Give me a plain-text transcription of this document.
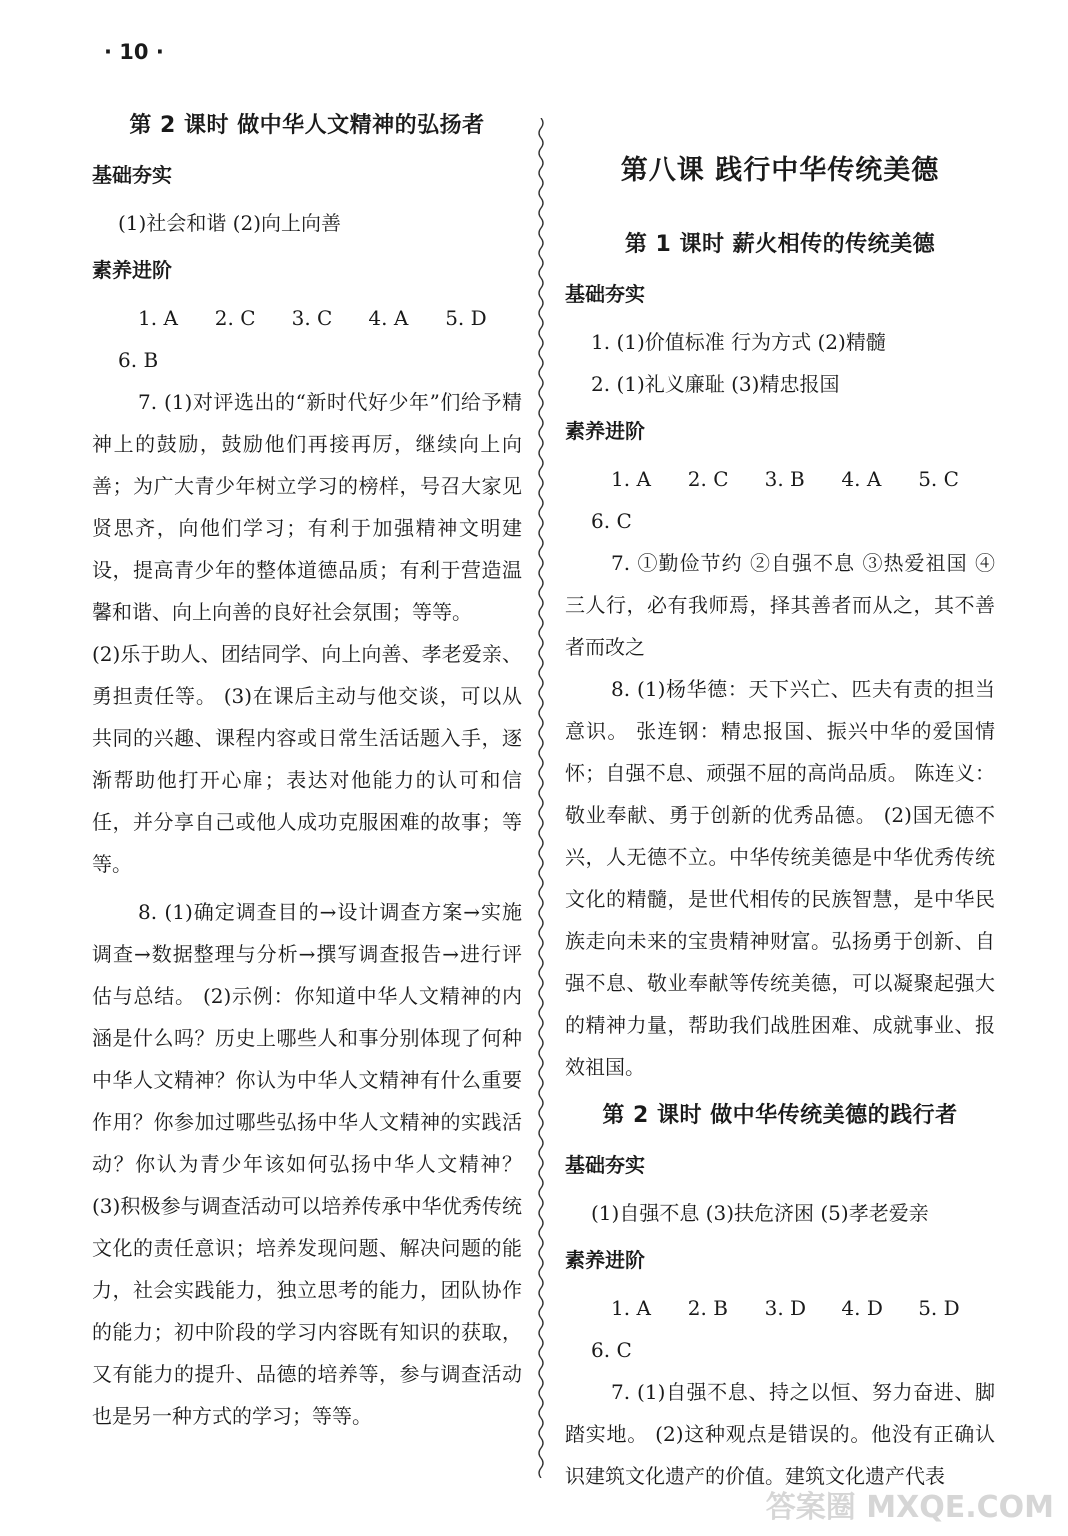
· 10 ·
第 2 课时 做中华人文精神的弘扬者
基础夯实

(1)社会和谐 (2)向上向善

素养进阶
1. A	2. C	3. C	4. A	5. D

6. B

7. (1)对评选出的“新时代好少年”们给予精神上的鼓励，鼓励他们再接再厉，继续向上向善；为广大青少年树立学习的榜样，号召大家见贤思齐，向他们学习；有利于加强精神文明建设，提高青少年的整体道德品质；有利于营造温馨和谐、向上向善的良好社会氛围；等等。

(2)乐于助人、团结同学、向上向善、孝老爱亲、勇担责任等。 (3)在课后主动与他交谈，可以从共同的兴趣、课程内容或日常生活话题入手，逐渐帮助他打开心扉；表达对他能力的认可和信任，并分享自己或他人成功克服困难的故事；等等。

8. (1)确定调查目的→设计调查方案→实施调查→数据整理与分析→撰写调查报告→进行评估与总结。 (2)示例：你知道中华人文精神的内涵是什么吗？历史上哪些人和事分别体现了何种中华人文精神？你认为中华人文精神有什么重要作用？你参加过哪些弘扬中华人文精神的实践活动？你认为青少年该如何弘扬中华人文精神？ (3)积极参与调查活动可以培养传承中华优秀传统文化的责任意识；培养发现问题、解决问题的能力，社会实践能力，独立思考的能力，团队协作的能力；初中阶段的学习内容既有知识的获取，又有能力的提升、品德的培养等，参与调查活动也是另一种方式的学习；等等。

第八课 践行中华传统美德
第 1 课时 薪火相传的传统美德
基础夯实

1. (1)价值标准 行为方式 (2)精髓

2. (1)礼义廉耻 (3)精忠报国

素养进阶
1. A	2. C	3. B	4. A	5. C

6. C

7. ①勤俭节约 ②自强不息 ③热爱祖国 ④三人行，必有我师焉，择其善者而从之，其不善者而改之

8. (1)杨华德：天下兴亡、匹夫有责的担当意识。 张连钢：精忠报国、振兴中华的爱国情怀；自强不息、顽强不屈的高尚品质。 陈连义：敬业奉献、勇于创新的优秀品德。 (2)国无德不兴，人无德不立。中华传统美德是中华优秀传统文化的精髓，是世代相传的民族智慧，是中华民族走向未来的宝贵精神财富。弘扬勇于创新、自强不息、敬业奉献等传统美德，可以凝聚起强大的精神力量，帮助我们战胜困难、成就事业、报效祖国。

第 2 课时 做中华传统美德的践行者
基础夯实

(1)自强不息 (3)扶危济困 (5)孝老爱亲

素养进阶
1. A	2. B	3. D	4. D	5. D

6. C

7. (1)自强不息、持之以恒、努力奋进、脚踏实地。 (2)这种观点是错误的。他没有正确认识建筑文化遗产的价值。建筑文化遗产代表

答案圈 MXQE.COM
